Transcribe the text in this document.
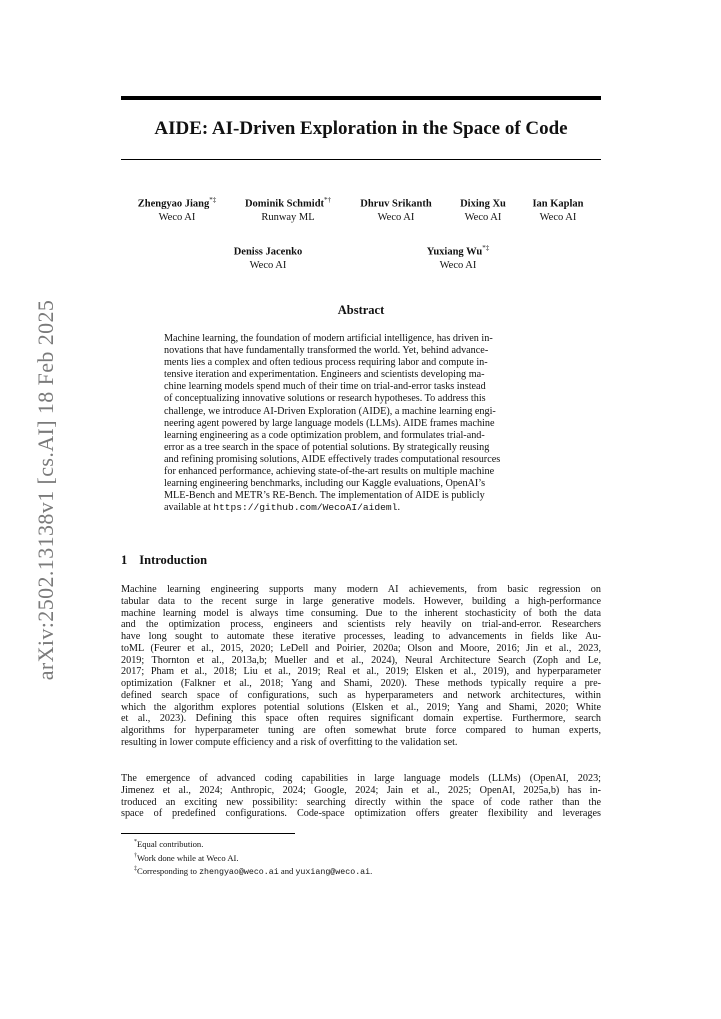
arXiv:2502.13138v1 [cs.AI] 18 Feb 2025
AIDE: AI-Driven Exploration in the Space of Code
Zhengyao Jiang*‡
Weco AI
Dominik Schmidt*†
Runway ML
Dhruv Srikanth
Weco AI
Dixing Xu
Weco AI
Ian Kaplan
Weco AI
Deniss Jacenko
Weco AI
Yuxiang Wu*‡
Weco AI
Abstract
Machine learning, the foundation of modern artificial intelligence, has driven in-
novations that have fundamentally transformed the world. Yet, behind advance-
ments lies a complex and often tedious process requiring labor and compute in-
tensive iteration and experimentation. Engineers and scientists developing ma-
chine learning models spend much of their time on trial-and-error tasks instead
of conceptualizing innovative solutions or research hypotheses. To address this
challenge, we introduce AI-Driven Exploration (AIDE), a machine learning engi-
neering agent powered by large language models (LLMs). AIDE frames machine
learning engineering as a code optimization problem, and formulates trial-and-
error as a tree search in the space of potential solutions. By strategically reusing
and refining promising solutions, AIDE effectively trades computational resources
for enhanced performance, achieving state-of-the-art results on multiple machine
learning engineering benchmarks, including our Kaggle evaluations, OpenAI’s
MLE-Bench and METR’s RE-Bench. The implementation of AIDE is publicly
available at https://github.com/WecoAI/aideml.
1 Introduction
Machine learning engineering supports many modern AI achievements, from basic regression on
tabular data to the recent surge in large generative models. However, building a high-performance
machine learning model is always time consuming. Due to the inherent stochasticity of both the data
and the optimization process, engineers and scientists rely heavily on trial-and-error. Researchers
have long sought to automate these iterative processes, leading to advancements in fields like Au-
toML (Feurer et al., 2015, 2020; LeDell and Poirier, 2020a; Olson and Moore, 2016; Jin et al., 2023,
2019; Thornton et al., 2013a,b; Mueller and et al., 2024), Neural Architecture Search (Zoph and Le,
2017; Pham et al., 2018; Liu et al., 2019; Real et al., 2019; Elsken et al., 2019), and hyperparameter
optimization (Falkner et al., 2018; Yang and Shami, 2020). These methods typically require a pre-
defined search space of configurations, such as hyperparameters and network architectures, within
which the algorithm explores potential solutions (Elsken et al., 2019; Yang and Shami, 2020; White
et al., 2023). Defining this space often requires significant domain expertise. Furthermore, search
algorithms for hyperparameter tuning are often somewhat brute force compared to human experts,
resulting in lower compute efficiency and a risk of overfitting to the validation set.
The emergence of advanced coding capabilities in large language models (LLMs) (OpenAI, 2023;
Jimenez et al., 2024; Anthropic, 2024; Google, 2024; Jain et al., 2025; OpenAI, 2025a,b) has in-
troduced an exciting new possibility: searching directly within the space of code rather than the
space of predefined configurations. Code-space optimization offers greater flexibility and leverages
*Equal contribution.
†Work done while at Weco AI.
‡Corresponding to zhengyao@weco.ai and yuxiang@weco.ai.
